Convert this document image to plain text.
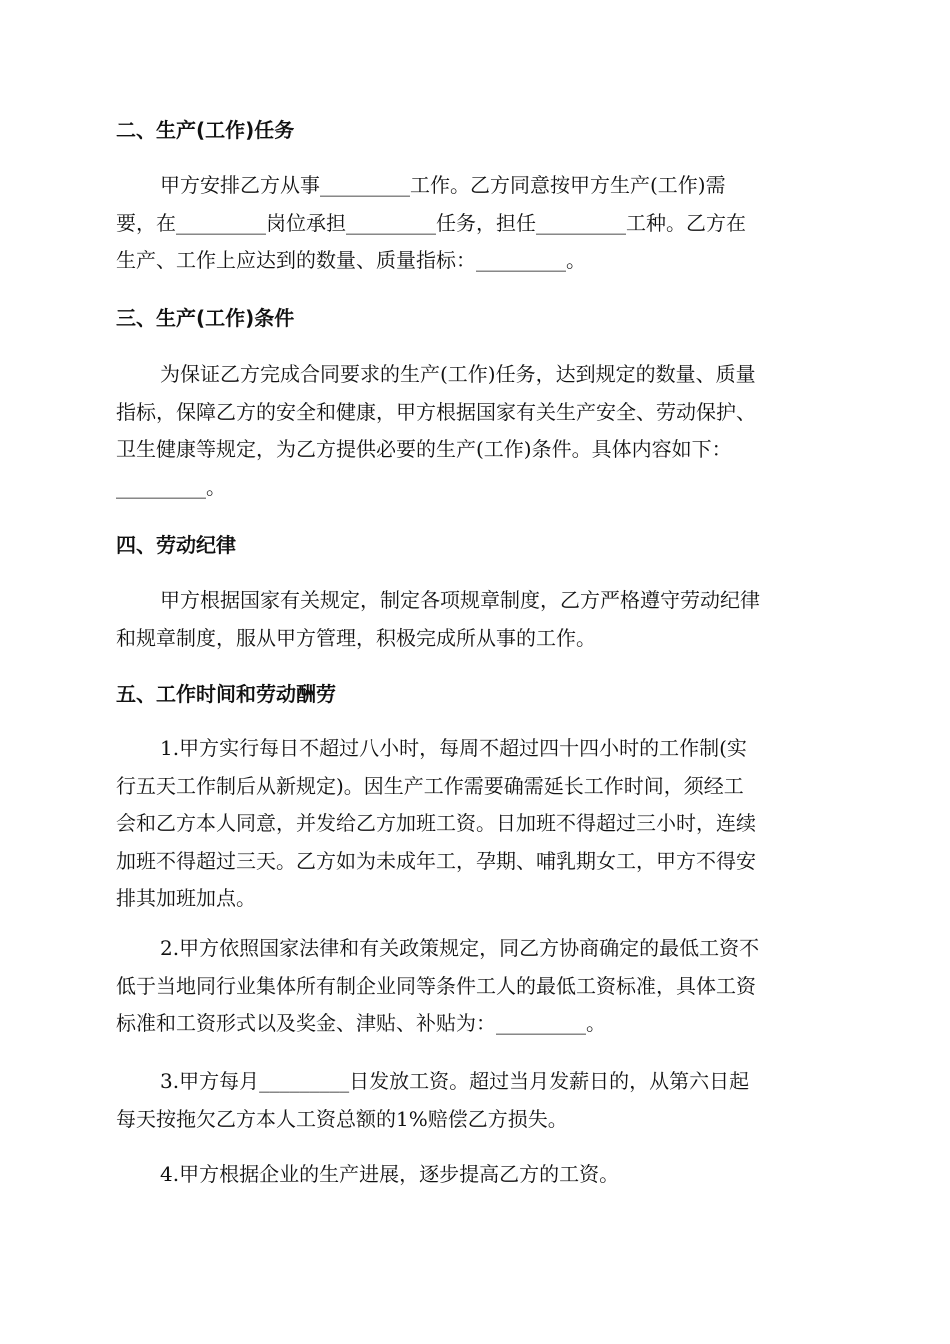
二、生产(工作)任务

甲方安排乙方从事_________工作。乙方同意按甲方生产(工作)需
要，在_________岗位承担_________任务，担任_________工种。乙方在
生产、工作上应达到的数量、质量指标：_________。

三、生产(工作)条件

为保证乙方完成合同要求的生产(工作)任务，达到规定的数量、质量
指标，保障乙方的安全和健康，甲方根据国家有关生产安全、劳动保护、
卫生健康等规定，为乙方提供必要的生产(工作)条件。具体内容如下：
_________。

四、劳动纪律

甲方根据国家有关规定，制定各项规章制度，乙方严格遵守劳动纪律
和规章制度，服从甲方管理，积极完成所从事的工作。

五、工作时间和劳动酬劳

1.甲方实行每日不超过八小时，每周不超过四十四小时的工作制(实
行五天工作制后从新规定)。因生产工作需要确需延长工作时间，须经工
会和乙方本人同意，并发给乙方加班工资。日加班不得超过三小时，连续
加班不得超过三天。乙方如为未成年工，孕期、哺乳期女工，甲方不得安
排其加班加点。

2.甲方依照国家法律和有关政策规定，同乙方协商确定的最低工资不
低于当地同行业集体所有制企业同等条件工人的最低工资标准，具体工资
标准和工资形式以及奖金、津贴、补贴为：_________。

3.甲方每月_________日发放工资。超过当月发薪日的，从第六日起
每天按拖欠乙方本人工资总额的1%赔偿乙方损失。

4.甲方根据企业的生产进展，逐步提高乙方的工资。
